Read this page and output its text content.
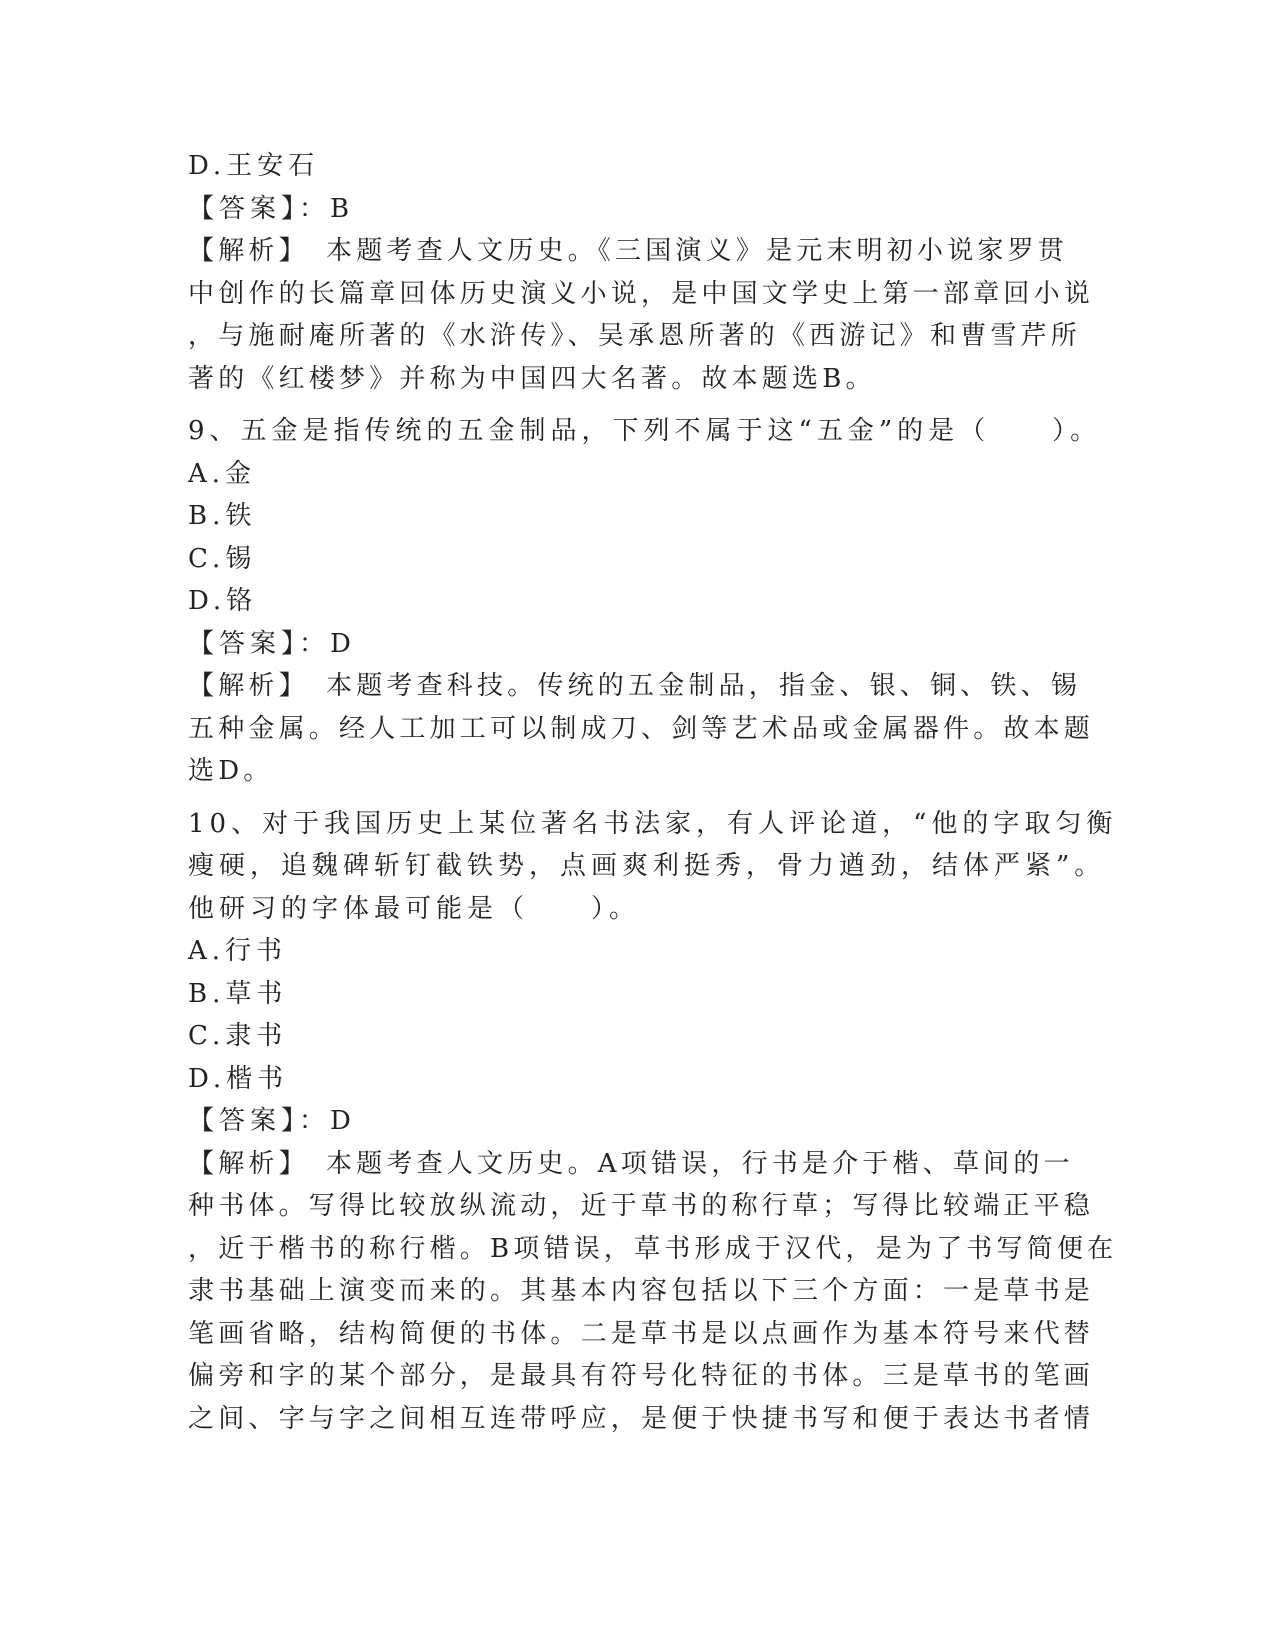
D.王安石
【答案】：B
【解析】　本题考查人文历史。《三国演义》是元末明初小说家罗贯
中创作的长篇章回体历史演义小说，是中国文学史上第一部章回小说
，与施耐庵所著的《水浒传》、吴承恩所著的《西游记》和曹雪芹所
著的《红楼梦》并称为中国四大名著。故本题选B。
9、五金是指传统的五金制品，下列不属于这“五金”的是（　　）。
A.金
B.铁
C.锡
D.铬
【答案】：D
【解析】　本题考查科技。传统的五金制品，指金、银、铜、铁、锡
五种金属。经人工加工可以制成刀、剑等艺术品或金属器件。故本题
选D。
10、对于我国历史上某位著名书法家，有人评论道，“他的字取匀衡
瘦硬，追魏碑斩钉截铁势，点画爽利挺秀，骨力遒劲，结体严紧”。
他研习的字体最可能是（　　）。
A.行书
B.草书
C.隶书
D.楷书
【答案】：D
【解析】　本题考查人文历史。A项错误，行书是介于楷、草间的一
种书体。写得比较放纵流动，近于草书的称行草；写得比较端正平稳
，近于楷书的称行楷。B项错误，草书形成于汉代，是为了书写简便在
隶书基础上演变而来的。其基本内容包括以下三个方面：一是草书是
笔画省略，结构简便的书体。二是草书是以点画作为基本符号来代替
偏旁和字的某个部分，是最具有符号化特征的书体。三是草书的笔画
之间、字与字之间相互连带呼应，是便于快捷书写和便于表达书者情
